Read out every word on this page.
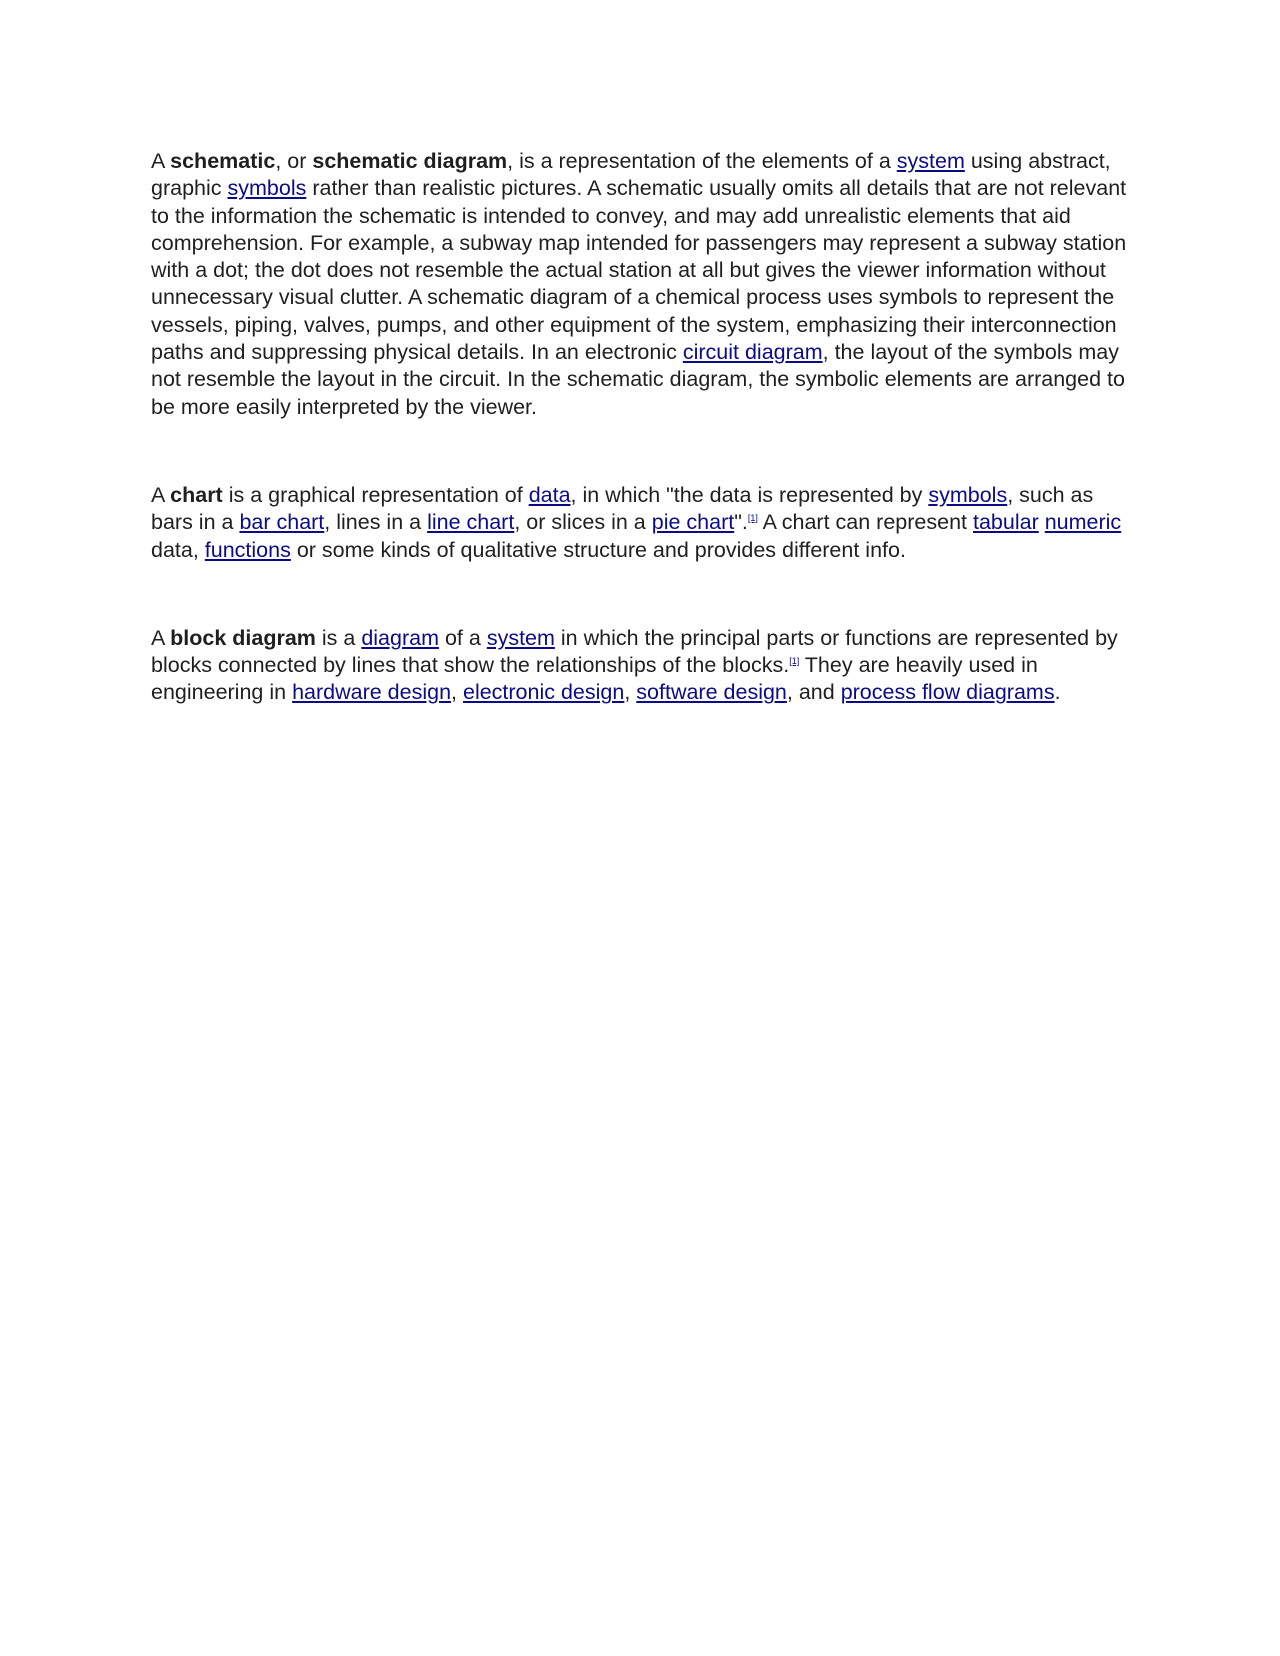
A schematic, or schematic diagram, is a representation of the elements of a system using abstract, graphic symbols rather than realistic pictures. A schematic usually omits all details that are not relevant to the information the schematic is intended to convey, and may add unrealistic elements that aid comprehension. For example, a subway map intended for passengers may represent a subway station with a dot; the dot does not resemble the actual station at all but gives the viewer information without unnecessary visual clutter. A schematic diagram of a chemical process uses symbols to represent the vessels, piping, valves, pumps, and other equipment of the system, emphasizing their interconnection paths and suppressing physical details. In an electronic circuit diagram, the layout of the symbols may not resemble the layout in the circuit. In the schematic diagram, the symbolic elements are arranged to be more easily interpreted by the viewer.

A chart is a graphical representation of data, in which "the data is represented by symbols, such as bars in a bar chart, lines in a line chart, or slices in a pie chart".[1] A chart can represent tabular numeric data, functions or some kinds of qualitative structure and provides different info.

A block diagram is a diagram of a system in which the principal parts or functions are represented by blocks connected by lines that show the relationships of the blocks.[1] They are heavily used in engineering in hardware design, electronic design, software design, and process flow diagrams.
